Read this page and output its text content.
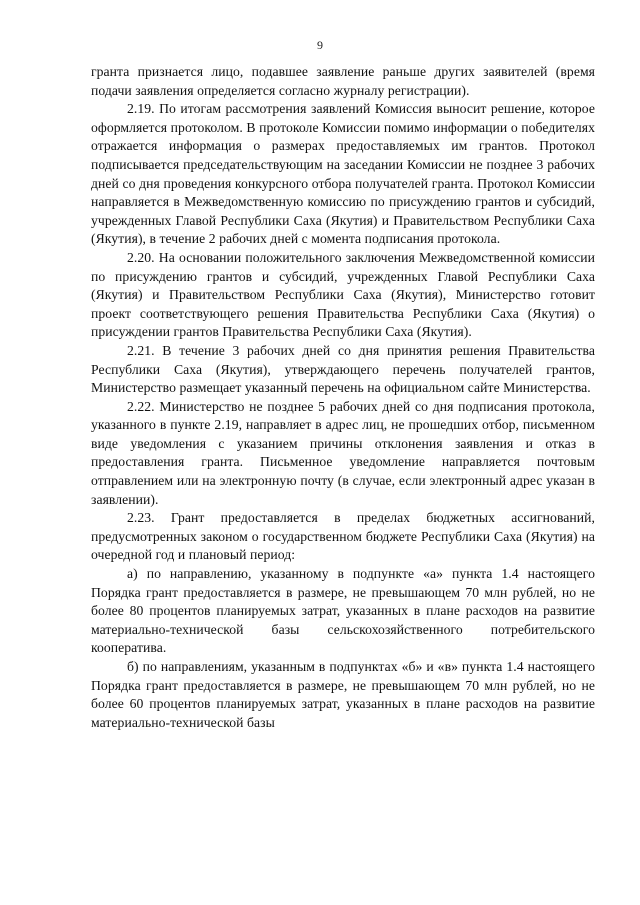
9

гранта признается лицо, подавшее заявление раньше других заявителей (время подачи заявления определяется согласно журналу регистрации).

2.19. По итогам рассмотрения заявлений Комиссия выносит решение, которое оформляется протоколом. В протоколе Комиссии помимо информации о победителях отражается информация о размерах предоставляемых им грантов. Протокол подписывается председательствующим на заседании Комиссии не позднее 3 рабочих дней со дня проведения конкурсного отбора получателей гранта. Протокол Комиссии направляется в Межведомственную комиссию по присуждению грантов и субсидий, учрежденных Главой Республики Саха (Якутия) и Правительством Республики Саха (Якутия), в течение 2 рабочих дней с момента подписания протокола.

2.20. На основании положительного заключения Межведомственной комиссии по присуждению грантов и субсидий, учрежденных Главой Республики Саха (Якутия) и Правительством Республики Саха (Якутия), Министерство готовит проект соответствующего решения Правительства Республики Саха (Якутия) о присуждении грантов Правительства Республики Саха (Якутия).

2.21. В течение 3 рабочих дней со дня принятия решения Правительства Республики Саха (Якутия), утверждающего перечень получателей грантов, Министерство размещает указанный перечень на официальном сайте Министерства.

2.22. Министерство не позднее 5 рабочих дней со дня подписания протокола, указанного в пункте 2.19, направляет в адрес лиц, не прошедших отбор, письменном виде уведомления с указанием причины отклонения заявления и отказ в предоставления гранта. Письменное уведомление направляется почтовым отправлением или на электронную почту (в случае, если электронный адрес указан в заявлении).

2.23. Грант предоставляется в пределах бюджетных ассигнований, предусмотренных законом о государственном бюджете Республики Саха (Якутия) на очередной год и плановый период:

а) по направлению, указанному в подпункте «а» пункта 1.4 настоящего Порядка грант предоставляется в размере, не превышающем 70 млн рублей, но не более 80 процентов планируемых затрат, указанных в плане расходов на развитие материально-технической базы сельскохозяйственного потребительского кооператива.

б) по направлениям, указанным в подпунктах «б» и «в» пункта 1.4 настоящего Порядка грант предоставляется в размере, не превышающем 70 млн рублей, но не более 60 процентов планируемых затрат, указанных в плане расходов на развитие материально-технической базы
